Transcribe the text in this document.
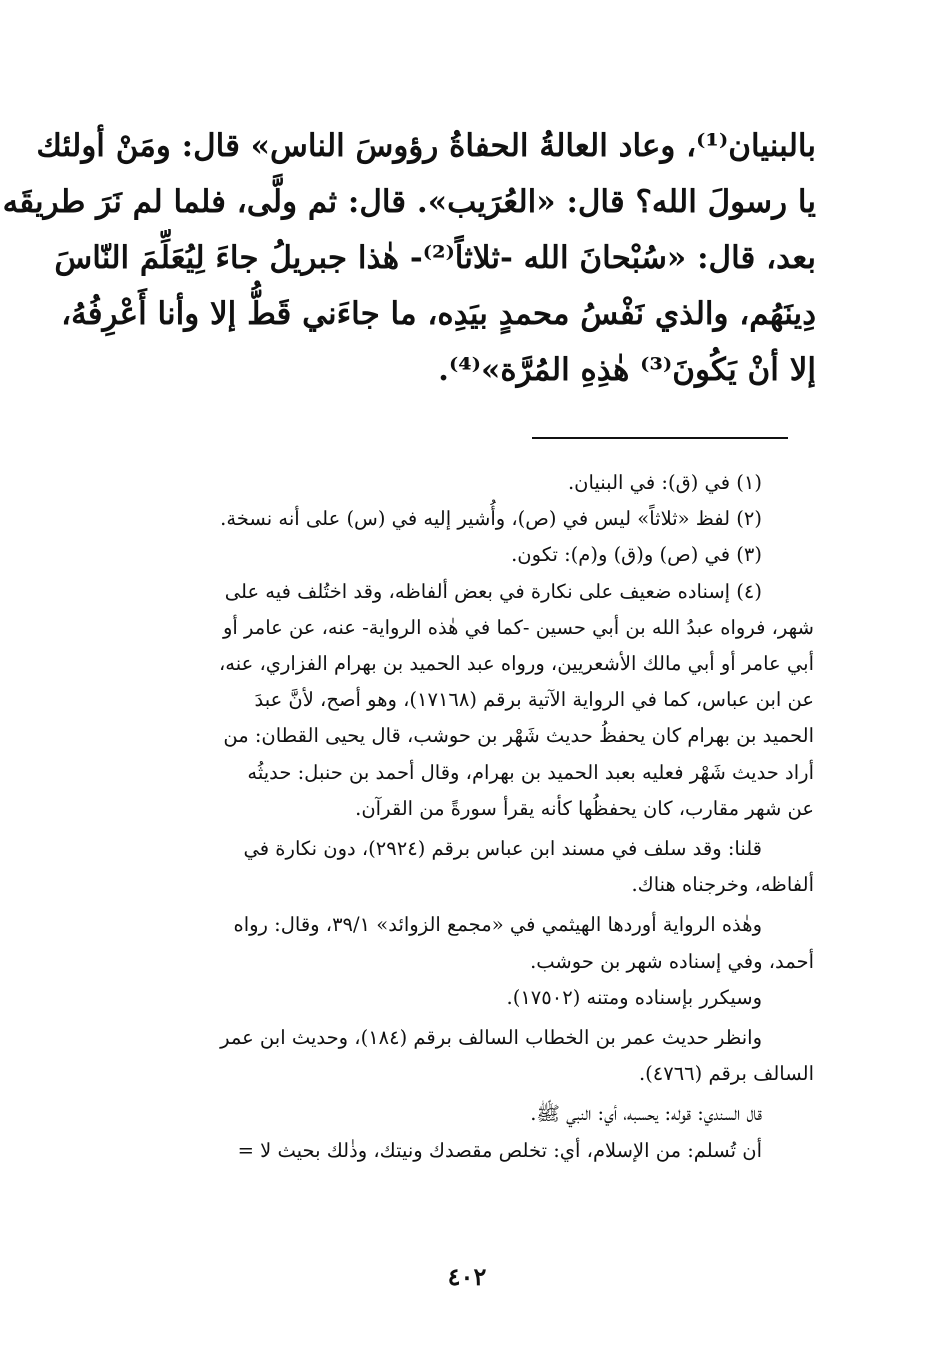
بالبنيان⁽¹⁾، وعاد العالةُ الحفاةُ رؤوسَ الناس» قال: ومَنْ أولئك
يا رسولَ الله؟ قال: «العُرَيب». قال: ثم ولَّى، فلما لم نَرَ طريقَه
بعد، قال: «سُبْحانَ الله -ثلاثاً⁽²⁾- هٰذا جبريلُ جاءَ لِيُعَلِّمَ النّاسَ
دِينَهُم، والذي نَفْسُ محمدٍ بيَدِه، ما جاءَني قَطُّ إلا وأنا أَعْرِفُهُ،
إلا أنْ يَكُونَ⁽³⁾ هٰذِهِ المُرَّة»⁽⁴⁾.
(١) في (ق): في البنيان.
(٢) لفظ «ثلاثاً» ليس في (ص)، وأُشير إليه في (س) على أنه نسخة.
(٣) في (ص) و(ق) و(م): تكون.
(٤) إسناده ضعيف على نكارة في بعض ألفاظه، وقد اختُلف فيه على
شهر، فرواه عبدُ الله بن أبي حسين -كما في هٰذه الرواية- عنه، عن عامر أو
أبي عامر أو أبي مالك الأشعريين، ورواه عبد الحميد بن بهرام الفزاري، عنه،
عن ابن عباس، كما في الرواية الآتية برقم (١٧١٦٨)، وهو أصح، لأنَّ عبدَ
الحميد بن بهرام كان يحفظُ حديث شَهْر بن حوشب، قال يحيى القطان: من
أراد حديث شَهْر فعليه بعبد الحميد بن بهرام، وقال أحمد بن حنبل: حديثُه
عن شهر مقارب، كان يحفظُها كأنه يقرأ سورةً من القرآن.
قلنا: وقد سلف في مسند ابن عباس برقم (٢٩٢٤)، دون نكارة في
ألفاظه، وخرجناه هناك.
وهٰذه الرواية أوردها الهيثمي في «مجمع الزوائد» ٣٩/١، وقال: رواه
أحمد، وفي إسناده شهر بن حوشب.
وسيكرر بإسناده ومتنه (١٧٥٠٢).
وانظر حديث عمر بن الخطاب السالف برقم (١٨٤)، وحديث ابن عمر
السالف برقم (٤٧٦٦).
قال السندي: قوله: يحسبه، أي: النبي ﷺ.
أن تُسلم: من الإسلام، أي: تخلص مقصدك ونيتك، وذٰلك بحيث لا =
٤٠٢
